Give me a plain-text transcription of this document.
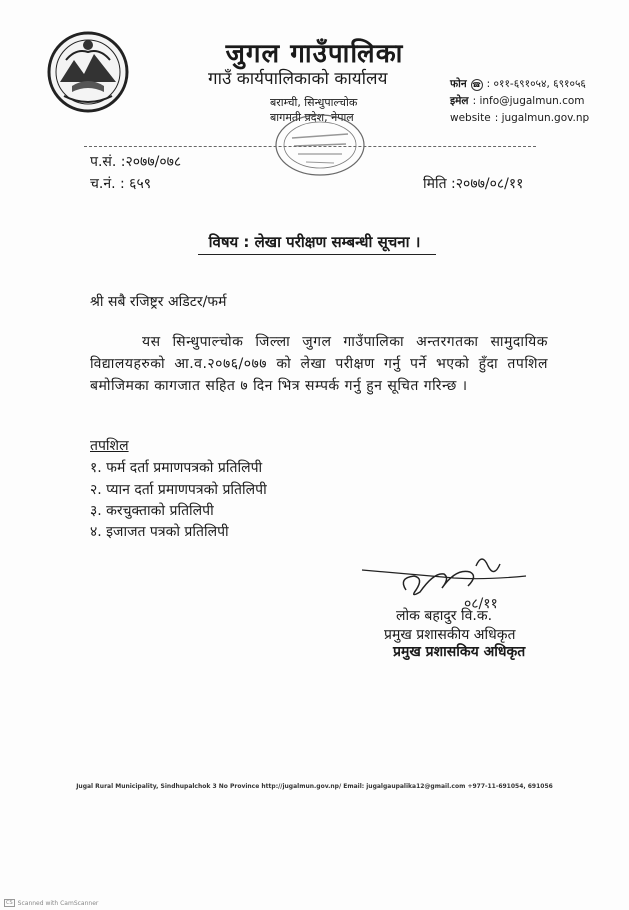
जुगल गाउँपालिका
गाउँ कार्यपालिकाको कार्यालय
बराम्ची, सिन्धुपाल्चोक
बागमती प्रदेश, नेपाल
फोन ☎ : ०११-६९१०५४, ६९१०५६
इमेल : info@jugalmun.com
website : jugalmun.gov.np
प.सं. :२०७७/०७८
च.नं. : ६५९	मिति :२०७७/०८/११
विषय : लेखा परीक्षण सम्बन्धी सूचना ।
श्री सबै रजिष्ट्रर अडिटर/फर्म
यस सिन्धुपाल्चोक जिल्ला जुगल गाउँपालिका अन्तरगतका सामुदायिक विद्यालयहरुको आ.व.२०७६/०७७ को लेखा परीक्षण गर्नु पर्ने भएको हुँदा तपशिल बमोजिमका कागजात सहित ७ दिन भित्र सम्पर्क गर्नु हुन सूचित गरिन्छ ।
तपशिल
१. फर्म दर्ता प्रमाणपत्रको प्रतिलिपी
२. प्यान दर्ता प्रमाणपत्रको प्रतिलिपी
३. करचुक्ताको प्रतिलिपी
४. इजाजत पत्रको प्रतिलिपी
०८/११
लोक बहादुर वि.क.
प्रमुख प्रशासकीय अधिकृत
प्रमुख प्रशासकिय अधिकृत
Jugal Rural Municipality, Sindhupalchok 3 No Province http://jugalmun.gov.np/ Email: jugalgaupalika12@gmail.com +977-11-691054, 691056
CS Scanned with CamScanner
